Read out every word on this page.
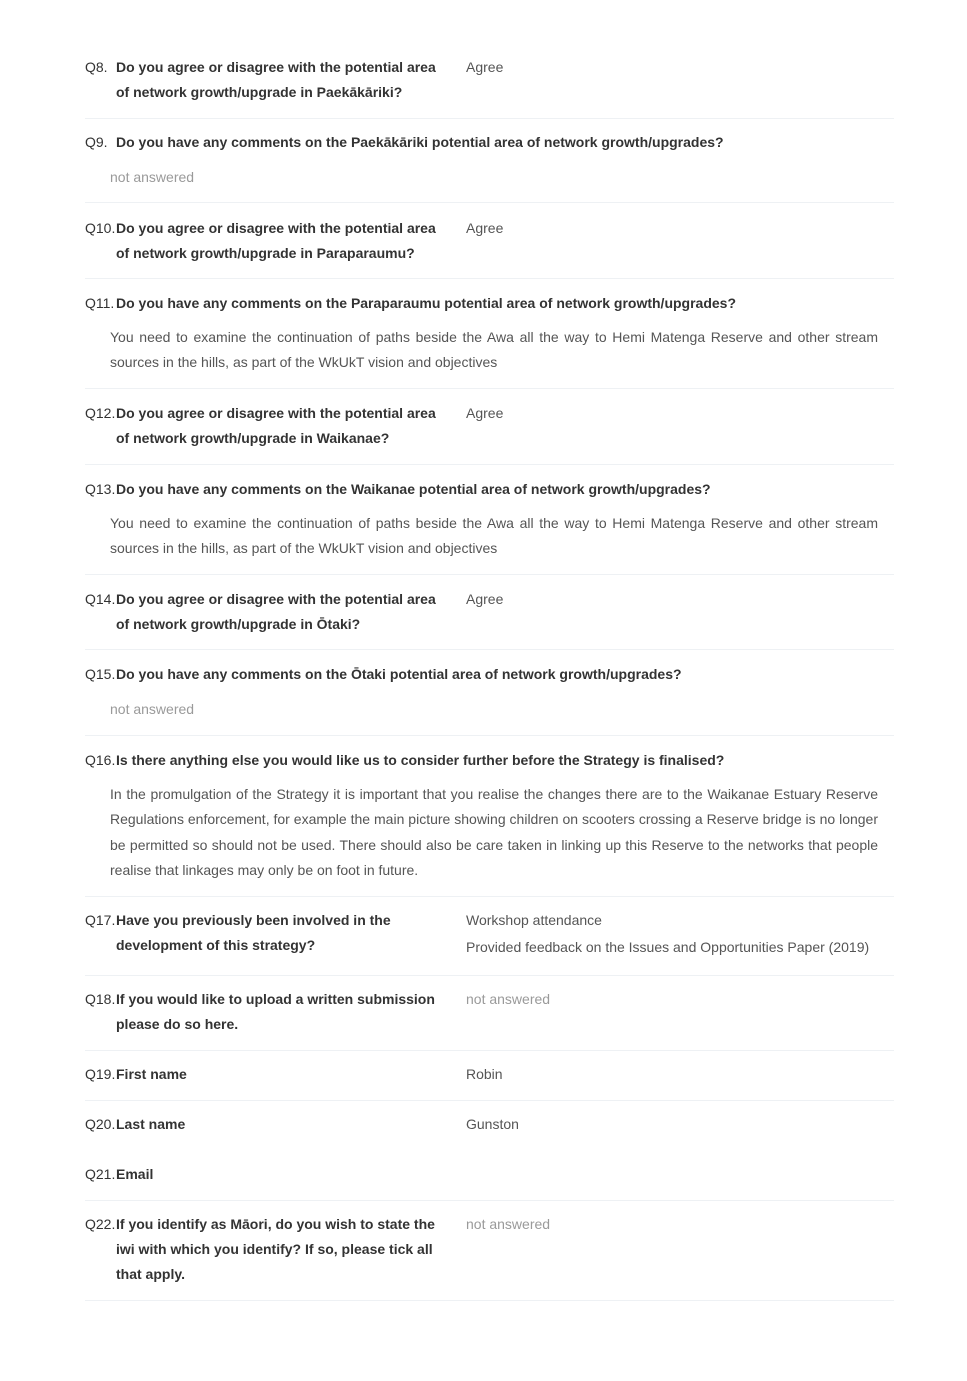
Q8. Do you agree or disagree with the potential area of network growth/upgrade in Paekākāriki?
Agree
Q9. Do you have any comments on the Paekākāriki potential area of network growth/upgrades?
not answered
Q10. Do you agree or disagree with the potential area of network growth/upgrade in Paraparaumu?
Agree
Q11. Do you have any comments on the Paraparaumu potential area of network growth/upgrades?
You need to examine the continuation of paths beside the Awa all the way to Hemi Matenga Reserve and other stream sources in the hills, as part of the WkUkT vision and objectives
Q12. Do you agree or disagree with the potential area of network growth/upgrade in Waikanae?
Agree
Q13. Do you have any comments on the Waikanae potential area of network growth/upgrades?
You need to examine the continuation of paths beside the Awa all the way to Hemi Matenga Reserve and other stream sources in the hills, as part of the WkUkT vision and objectives
Q14. Do you agree or disagree with the potential area of network growth/upgrade in Ōtaki?
Agree
Q15. Do you have any comments on the Ōtaki potential area of network growth/upgrades?
not answered
Q16. Is there anything else you would like us to consider further before the Strategy is finalised?
In the promulgation of the Strategy it is important that you realise the changes there are to the Waikanae Estuary Reserve Regulations enforcement, for example the main picture showing children on scooters crossing a Reserve bridge is no longer be permitted so should not be used. There should also be care taken in linking up this Reserve to the networks that people realise that linkages may only be on foot in future.
Q17. Have you previously been involved in the development of this strategy?
Workshop attendance
Provided feedback on the Issues and Opportunities Paper (2019)
Q18. If you would like to upload a written submission please do so here.
not answered
Q19. First name	Robin
Q20. Last name	Gunston
Q21. Email
Q22. If you identify as Māori, do you wish to state the iwi with which you identify? If so, please tick all that apply.
not answered
